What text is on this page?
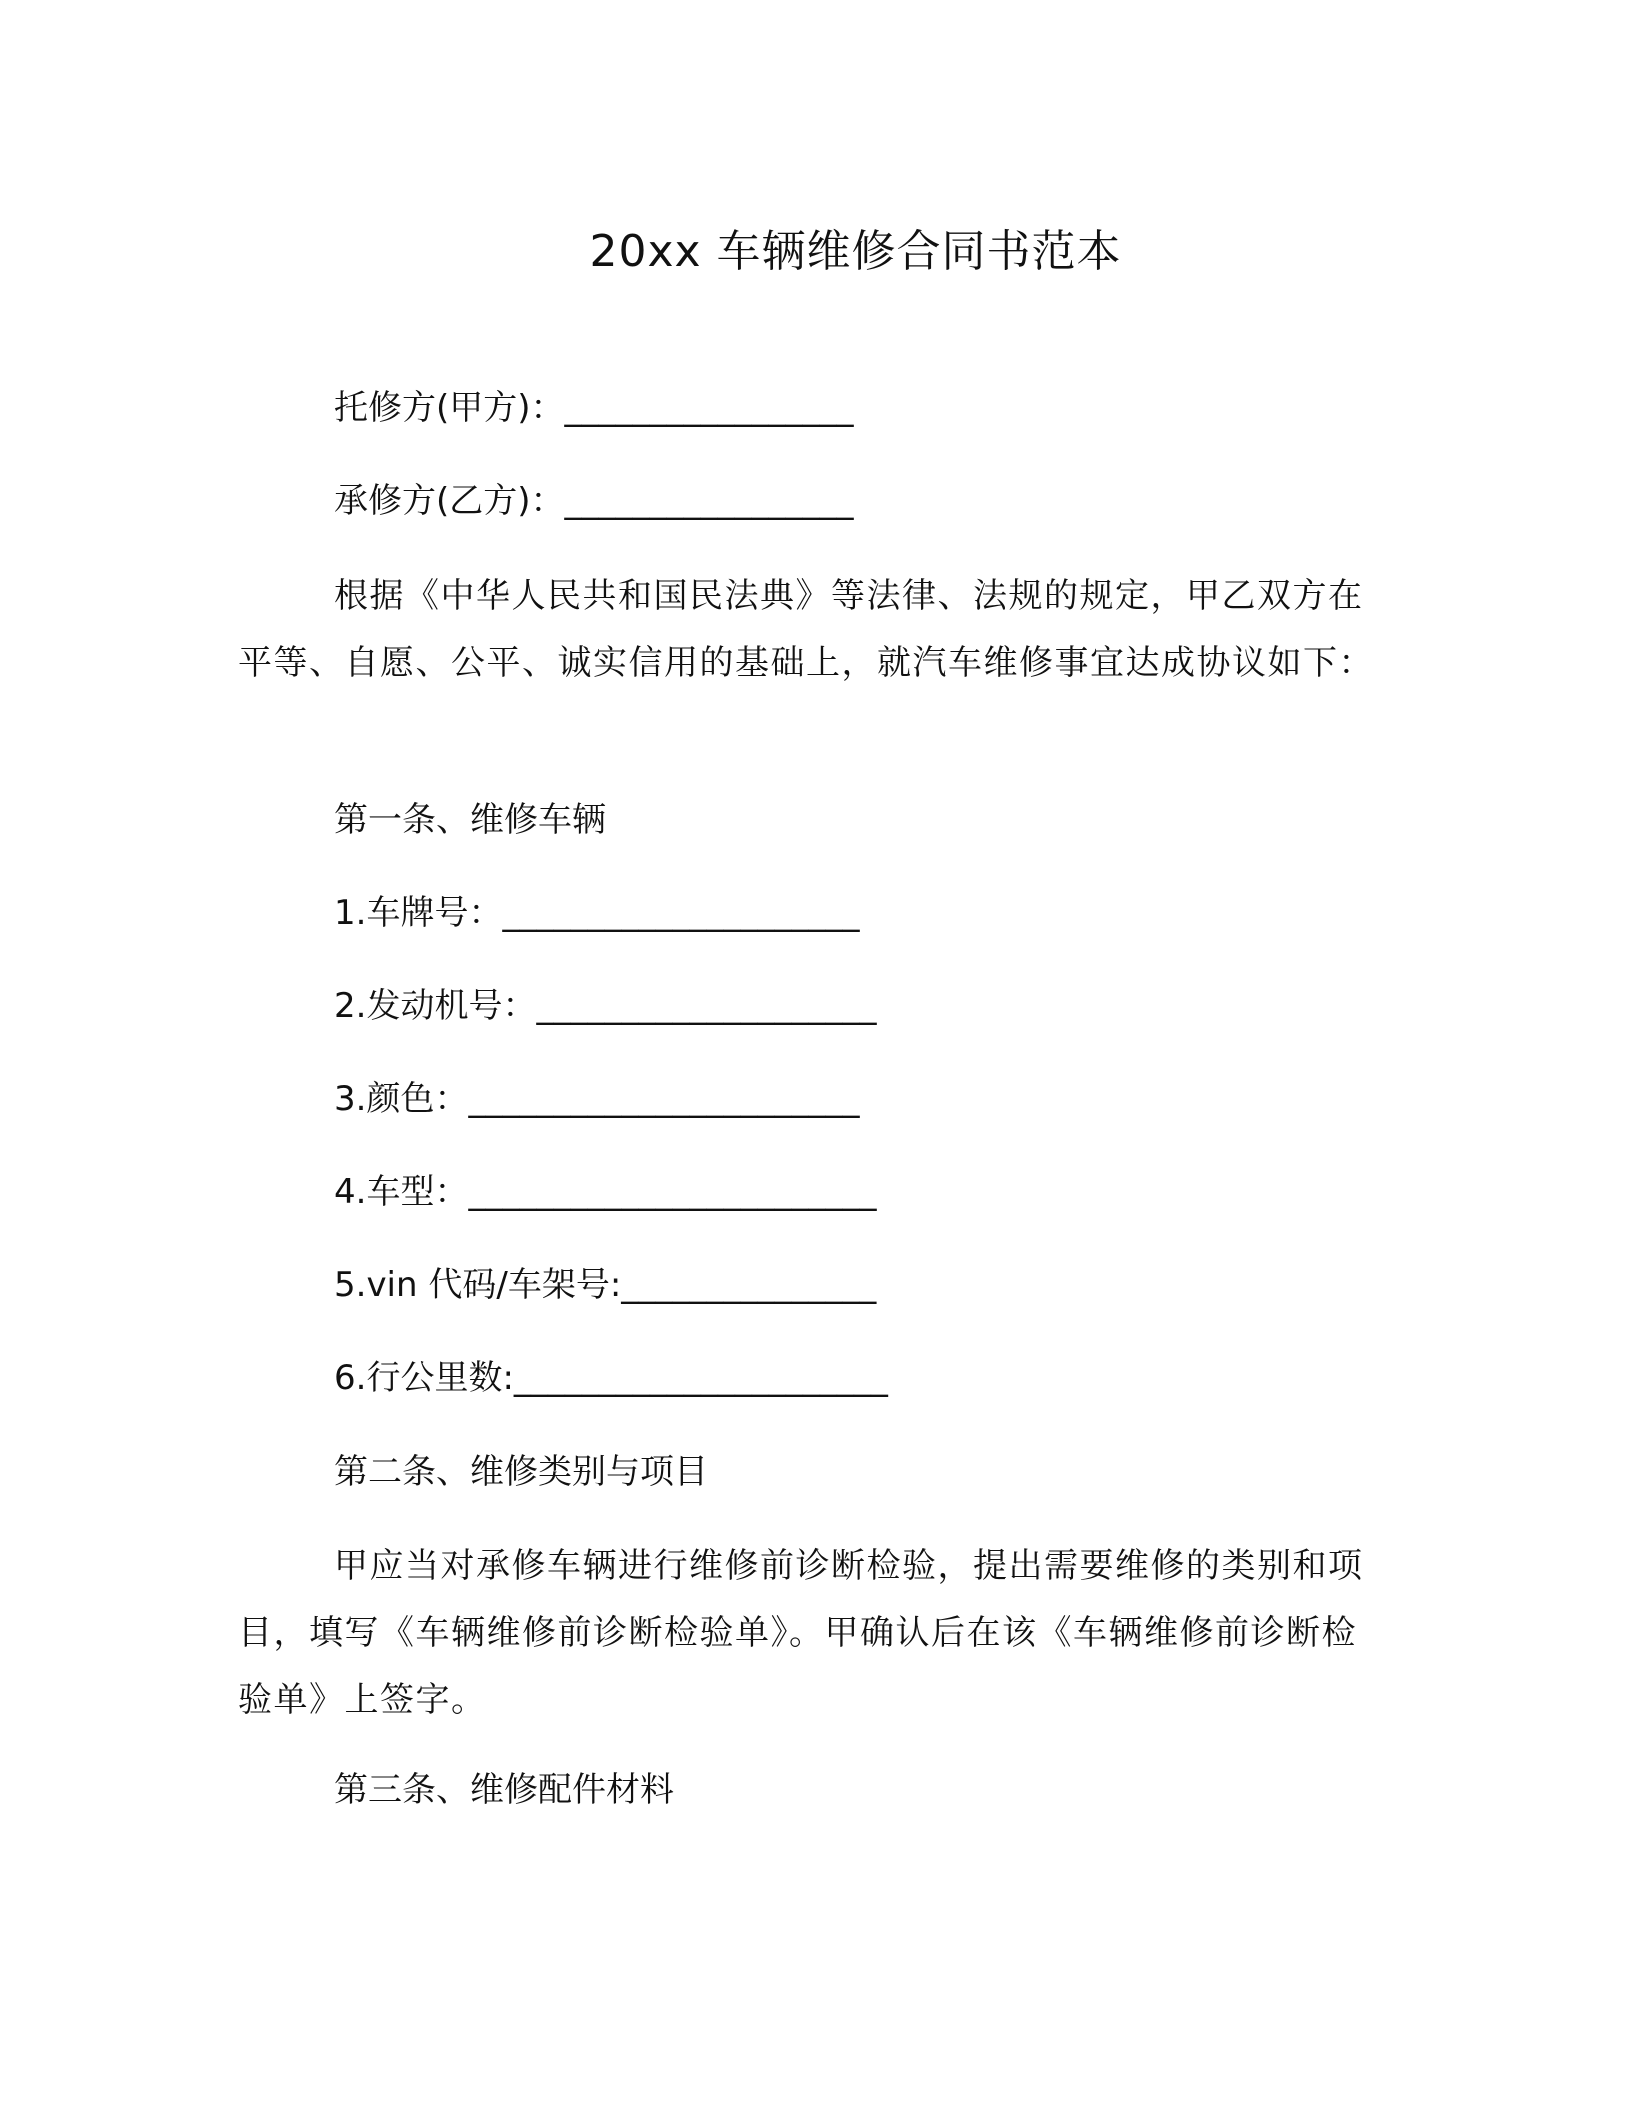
20xx 车辆维修合同书范本
托修方(甲方)：_________________
承修方(乙方)：_________________
根据《中华人民共和国民法典》等法律、法规的规定，甲乙双方在平等、自愿、公平、诚实信用的基础上，就汽车维修事宜达成协议如下：
第一条、维修车辆
1.车牌号：_____________________
2.发动机号：____________________
3.颜色：_______________________
4.车型：________________________
5.vin 代码/车架号:_______________
6.行公里数:______________________
第二条、维修类别与项目
甲应当对承修车辆进行维修前诊断检验，提出需要维修的类别和项目，填写《车辆维修前诊断检验单》。甲确认后在该《车辆维修前诊断检验单》上签字。
第三条、维修配件材料
